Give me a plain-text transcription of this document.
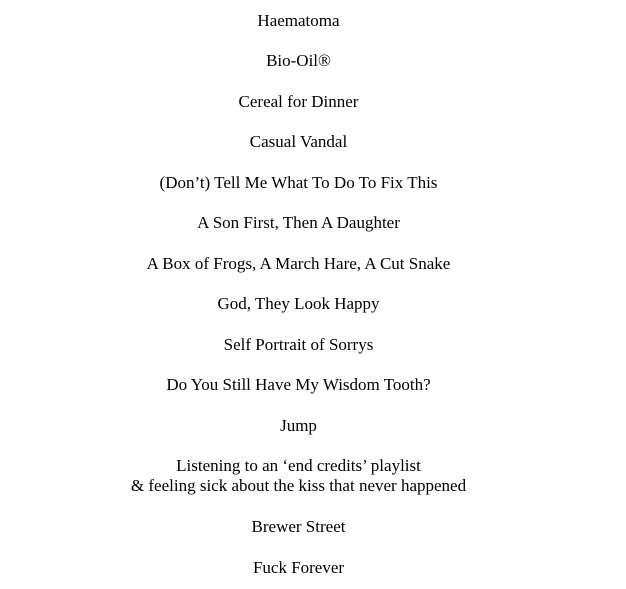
Haematoma
Bio-Oil®
Cereal for Dinner
Casual Vandal
(Don’t) Tell Me What To Do To Fix This
A Son First, Then A Daughter
A Box of Frogs, A March Hare, A Cut Snake
God, They Look Happy
Self Portrait of Sorrys
Do You Still Have My Wisdom Tooth?
Jump
Listening to an ‘end credits’ playlist
& feeling sick about the kiss that never happened
Brewer Street
Fuck Forever
